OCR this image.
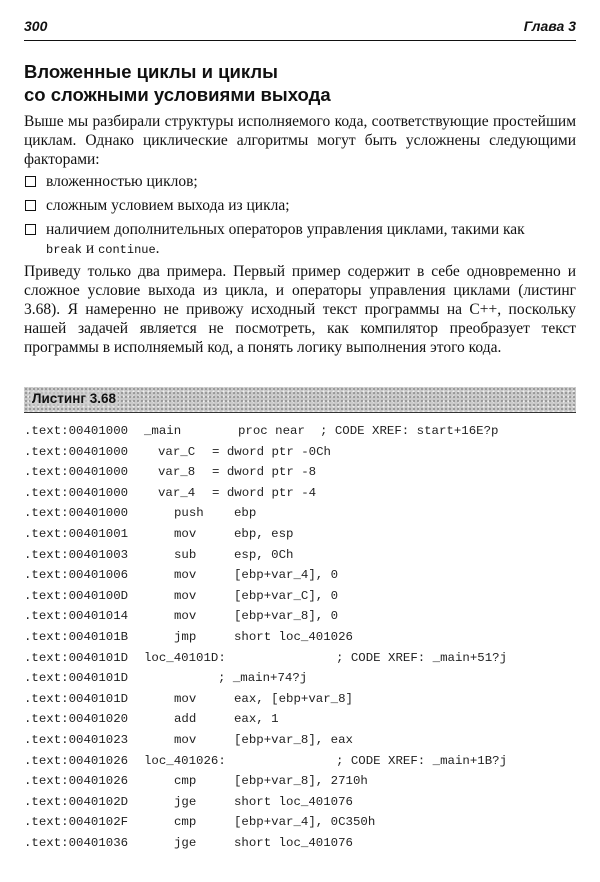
300	Глава 3
Вложенные циклы и циклы
со сложными условиями выхода

Выше мы разбирали структуры исполняемого кода, соответствующие простейшим циклам. Однако циклические алгоритмы могут быть усложнены следующими факторами:

вложенностью циклов;
сложным условием выхода из цикла;
наличием дополнительных операторов управления циклами, такими как
break и continue.

Приведу только два примера. Первый пример содержит в себе одновременно и сложное условие выхода из цикла, и операторы управления циклами (листинг 3.68). Я намеренно не привожу исходный текст программы на C++, поскольку нашей задачей является не посмотреть, как компилятор преобразует текст программы в исполняемый код, а понять логику выполнения этого кода.

Листинг 3.68
.text:00401000 _main	proc near ; CODE XREF: start+16E?p
.text:00401000 var_C = dword ptr -0Ch
.text:00401000 var_8 = dword ptr -8
.text:00401000 var_4 = dword ptr -4
.text:00401000	push ebp
.text:00401001	mov	ebp, esp
.text:00401003	sub	esp, 0Ch
.text:00401006	mov	[ebp+var_4], 0
.text:0040100D	mov	[ebp+var_C], 0
.text:00401014	mov	[ebp+var_8], 0
.text:0040101B	jmp	short loc_401026
.text:0040101D loc_40101D:	; CODE XREF: _main+51?j
.text:0040101D	; _main+74?j
.text:0040101D	mov	eax, [ebp+var_8]
.text:00401020	add	eax, 1
.text:00401023	mov	[ebp+var_8], eax
.text:00401026 loc_401026:	; CODE XREF: _main+1B?j
.text:00401026	cmp	[ebp+var_8], 2710h
.text:0040102D	jge	short loc_401076
.text:0040102F	cmp	[ebp+var_4], 0C350h
.text:00401036	jge	short loc_401076
